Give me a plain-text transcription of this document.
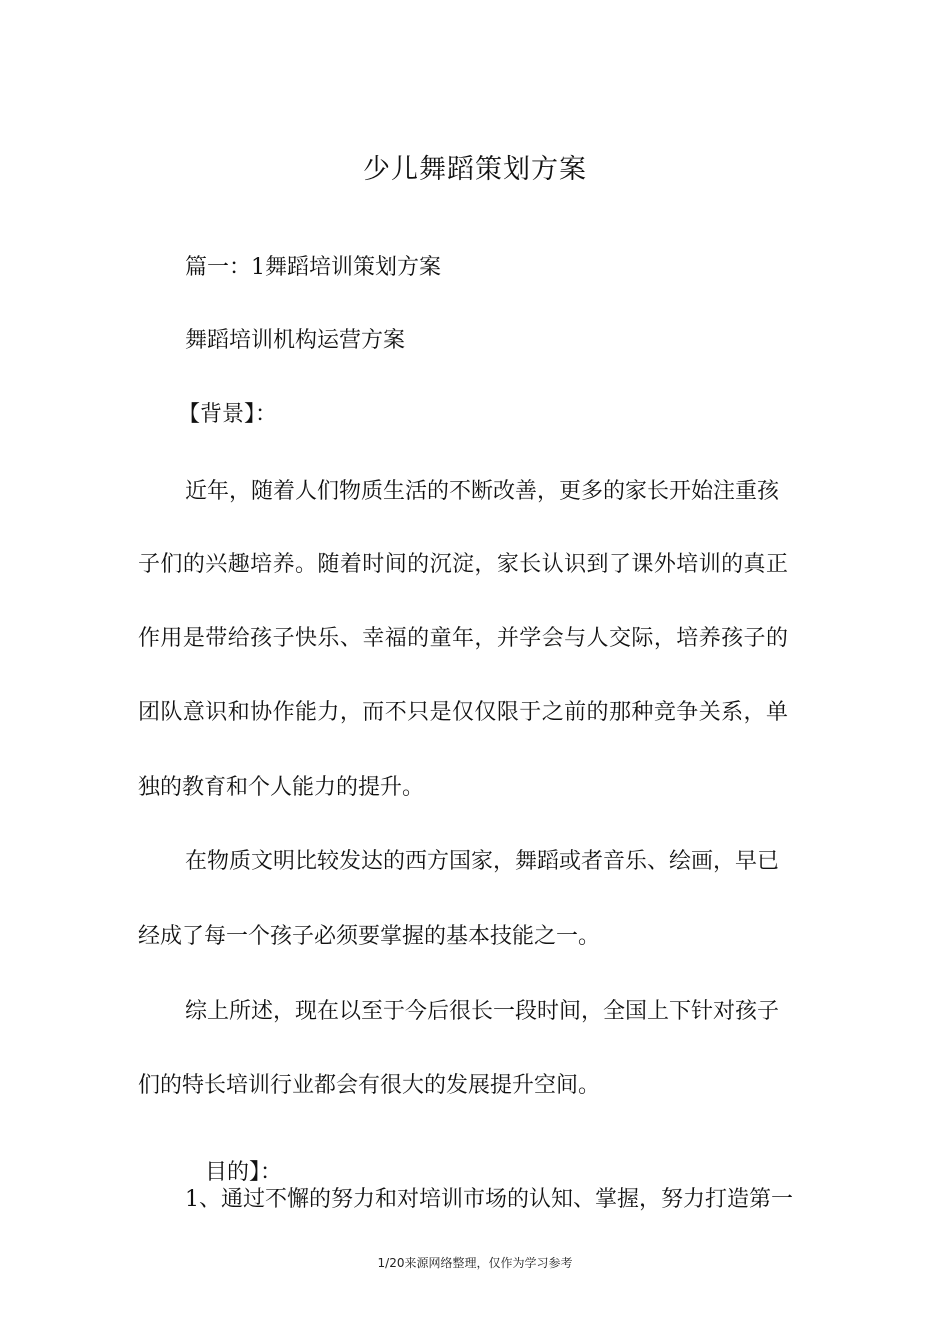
少儿舞蹈策划方案
篇一：1舞蹈培训策划方案
舞蹈培训机构运营方案
【背景】：
近年，随着人们物质生活的不断改善，更多的家长开始注重孩
子们的兴趣培养。随着时间的沉淀，家长认识到了课外培训的真正
作用是带给孩子快乐、幸福的童年，并学会与人交际，培养孩子的
团队意识和协作能力，而不只是仅仅限于之前的那种竞争关系，单
独的教育和个人能力的提升。
在物质文明比较发达的西方国家，舞蹈或者音乐、绘画，早已
经成了每一个孩子必须要掌握的基本技能之一。
综上所述，现在以至于今后很长一段时间，全国上下针对孩子
们的特长培训行业都会有很大的发展提升空间。
目的】：
1、通过不懈的努力和对培训市场的认知、掌握，努力打造第一
1/20来源网络整理，仅作为学习参考
